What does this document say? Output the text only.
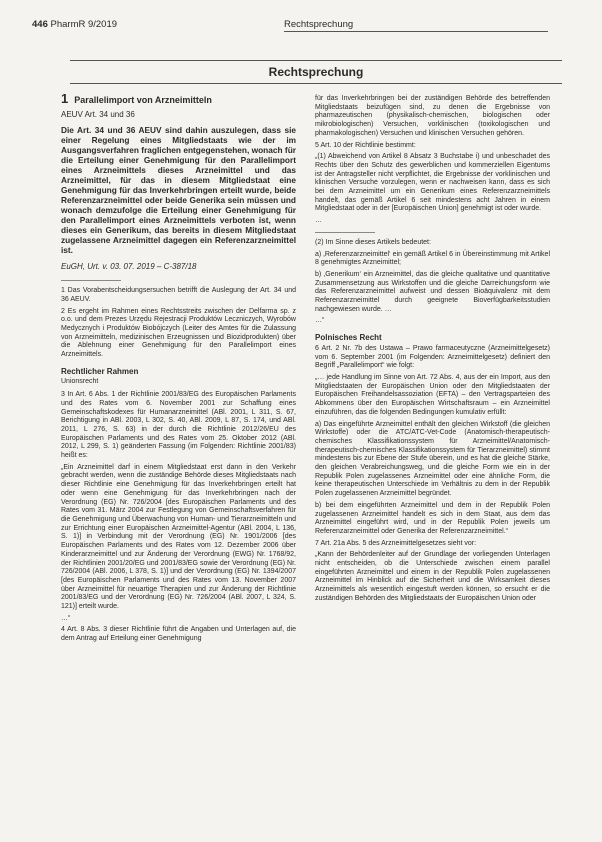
446 PharmR 9/2019	Rechtsprechung
Rechtsprechung
1 Parallelimport von Arzneimitteln
AEUV Art. 34 und 36
Die Art. 34 und 36 AEUV sind dahin auszulegen, dass sie einer Regelung eines Mitgliedstaats wie der im Ausgangsverfahren fraglichen entgegenstehen, wonach für die Erteilung einer Genehmigung für den Parallelimport eines Arzneimittels dieses Arzneimittel und das Arzneimittel, für das in diesem Mitgliedstaat eine Genehmigung für das Inverkehrbringen erteilt wurde, beide Referenzarzneimittel oder beide Generika sein müssen und wonach demzufolge die Erteilung einer Genehmigung für den Parallelimport eines Arzneimittels verboten ist, wenn dieses ein Generikum, das bereits in diesem Mitgliedstaat zugelassene Arzneimittel dagegen ein Referenzarzneimittel ist.
EuGH, Urt. v. 03. 07. 2019 – C-387/18

1 Das Vorabentscheidungsersuchen betrifft die Auslegung der Art. 34 und 36 AEUV.

2 Es ergeht im Rahmen eines Rechtsstreits zwischen der Delfarma sp. z o.o. und dem Prezes Urzędu Rejestracji Produktów Leczniczych, Wyrobów Medycznych i Produktów Biobójczych (Leiter des Amtes für die Zulassung von Arzneimitteln, medizinischen Erzeugnissen und Biozidprodukten) über die Ablehnung einer Genehmigung für den Parallelimport eines Arzneimittels.

Rechtlicher Rahmen
Unionsrecht

3 In Art. 6 Abs. 1 der Richtlinie 2001/83/EG des Europäischen Parlaments und des Rates vom 6. November 2001 zur Schaffung eines Gemeinschaftskodexes für Humanarzneimittel (ABl. 2001, L 311, S. 67, Berichtigung in ABl. 2003, L 302, S. 40, ABl. 2009, L 87, S. 174, und ABl. 2011, L 276, S. 63) in der durch die Richtlinie 2012/26/EU des Europäischen Parlaments und des Rates vom 25. Oktober 2012 (ABl. 2012, L 299, S. 1) geänderten Fassung (im Folgenden: Richtlinie 2001/83) heißt es:

„Ein Arzneimittel darf in einem Mitgliedstaat erst dann in den Verkehr gebracht werden, wenn die zuständige Behörde dieses Mitgliedstaats nach dieser Richtlinie eine Genehmigung für das Inverkehrbringen erteilt hat oder wenn eine Genehmigung für das Inverkehrbringen nach der Verordnung (EG) Nr. 726/2004 [des Europäischen Parlaments und des Rates vom 31. März 2004 zur Festlegung von Gemeinschaftsverfahren für die Genehmigung und Überwachung von Human- und Tierarzneimitteln und zur Errichtung einer Europäischen Arzneimittel-Agentur (ABl. 2004, L 136, S. 1)] in Verbindung mit der Verordnung (EG) Nr. 1901/2006 [des Europäischen Parlaments und des Rates vom 12. Dezember 2006 über Kinderarzneimittel und zur Änderung der Verordnung (EWG) Nr. 1768/92, der Richtlinien 2001/20/EG und 2001/83/EG sowie der Verordnung (EG) Nr. 726/2004 (ABl. 2006, L 378, S. 1)] und der Verordnung (EG) Nr. 1394/2007 [des Europäischen Parlaments und des Rates vom 13. November 2007 über Arzneimittel für neuartige Therapien und zur Änderung der Richtlinie 2001/83/EG und der Verordnung (EG) Nr. 726/2004 (ABl. 2007, L 324, S. 121)] erteilt wurde.

…“

4 Art. 8 Abs. 3 dieser Richtlinie führt die Angaben und Unterlagen auf, die dem Antrag auf Erteilung einer Genehmigung

für das Inverkehrbringen bei der zuständigen Behörde des betreffenden Mitgliedstaats beizufügen sind, zu denen die Ergebnisse von pharmazeutischen (physikalisch-chemischen, biologischen oder mikrobiologischen) Versuchen, vorklinischen (toxikologischen und pharmakologischen) Versuchen und klinischen Versuchen gehören.

5 Art. 10 der Richtlinie bestimmt:

„(1) Abweichend von Artikel 8 Absatz 3 Buchstabe i) und unbeschadet des Rechts über den Schutz des gewerblichen und kommerziellen Eigentums ist der Antragsteller nicht verpflichtet, die Ergebnisse der vorklinischen und klinischen Versuche vorzulegen, wenn er nachweisen kann, dass es sich bei dem Arzneimittel um ein Generikum eines Referenzarzneimittels handelt, das gemäß Artikel 6 seit mindestens acht Jahren in einem Mitgliedstaat oder in der [Europäischen Union] genehmigt ist oder wurde.

…

(2) Im Sinne dieses Artikels bedeutet:

a) ‚Referenzarzneimittel‘ ein gemäß Artikel 6 in Übereinstimmung mit Artikel 8 genehmigtes Arzneimittel;

b) ‚Generikum‘ ein Arzneimittel, das die gleiche qualitative und quantitative Zusammensetzung aus Wirkstoffen und die gleiche Darreichungsform wie das Referenzarzneimittel aufweist und dessen Bioäquivalenz mit dem Referenzarzneimittel durch geeignete Bioverfügbarkeitsstudien nachgewiesen wurde. …

…“

Polnisches Recht

6 Art. 2 Nr. 7b des Ustawa – Prawo farmaceutyczne (Arzneimittelgesetz) vom 6. September 2001 (im Folgenden: Arzneimittelgesetz) definiert den Begriff „Parallelimport“ wie folgt:

„… jede Handlung im Sinne von Art. 72 Abs. 4, aus der ein Import, aus den Mitgliedstaaten der Europäischen Union oder den Mitgliedstaaten der Europäischen Freihandelsassoziation (EFTA) – den Vertragsparteien des Abkommens über den Europäischen Wirtschaftsraum – ein Arzneimittel einzuführen, das die folgenden Bedingungen kumulativ erfüllt:

a) Das eingeführte Arzneimittel enthält den gleichen Wirkstoff (die gleichen Wirkstoffe) oder die ATC/ATC-Vet-Code (Anatomisch-therapeutisch-chemisches Klassifikationssystem für Arzneimittel/Anatomisch-therapeutisch-chemisches Klassifikationssystem für Tierarzneimittel) stimmt mindestens bis zur Ebene der Stufe überein, und es hat die gleiche Stärke, den gleichen Verabreichungsweg, und die gleiche Form wie ein in der Republik Polen zugelassenes Arzneimittel oder eine ähnliche Form, die keine therapeutischen Unterschiede im Verhältnis zu dem in der Republik Polen zugelassenen Arzneimittel begründet.

b) bei dem eingeführten Arzneimittel und dem in der Republik Polen zugelassenen Arzneimittel handelt es sich in dem Staat, aus dem das Arzneimittel eingeführt wird, und in der Republik Polen jeweils um Referenzarzneimittel oder Generika der Referenzarzneimittel.“

7 Art. 21a Abs. 5 des Arzneimittelgesetzes sieht vor:

„Kann der Behördenleiter auf der Grundlage der vorliegenden Unterlagen nicht entscheiden, ob die Unterschiede zwischen einem parallel eingeführten Arzneimittel und einem in der Republik Polen zugelassenen Arzneimittel im Hinblick auf die Sicherheit und die Wirksamkeit dieses Arzneimittels als wesentlich eingestuft werden können, so ersucht er die zuständigen Behörden des Mitgliedstaats der Europäischen Union oder
